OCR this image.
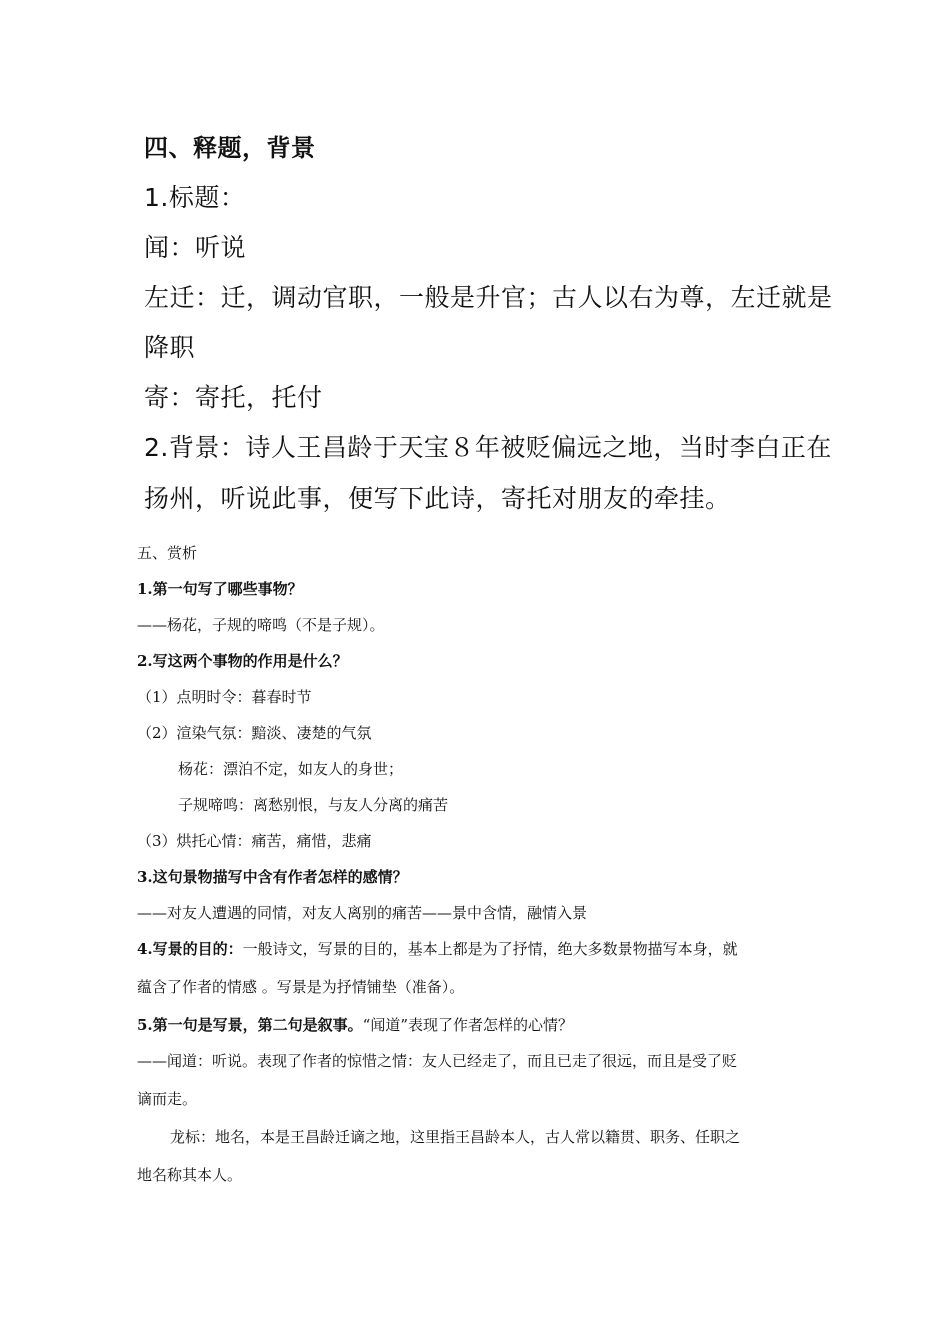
四、释题，背景

1.标题：

闻：听说

左迁：迁，调动官职，一般是升官；古人以右为尊，左迁就是

降职

寄：寄托，托付

2.背景：诗人王昌龄于天宝８年被贬偏远之地，当时李白正在

扬州，听说此事，便写下此诗，寄托对朋友的牵挂。

五、赏析

1.第一句写了哪些事物？

——杨花，子规的啼鸣（不是子规）。

2.写这两个事物的作用是什么？

（1）点明时令：暮春时节

（2）渲染气氛：黯淡、凄楚的气氛

杨花：漂泊不定，如友人的身世；

子规啼鸣：离愁别恨，与友人分离的痛苦

（3）烘托心情：痛苦，痛惜，悲痛

3.这句景物描写中含有作者怎样的感情？

——对友人遭遇的同情，对友人离别的痛苦——景中含情，融情入景

4.写景的目的：一般诗文，写景的目的，基本上都是为了抒情，绝大多数景物描写本身，就

蕴含了作者的情感 。写景是为抒情铺垫（准备）。

5.第一句是写景，第二句是叙事。“闻道”表现了作者怎样的心情？

——闻道：听说。表现了作者的惊惜之情：友人已经走了，而且已走了很远，而且是受了贬

谪而走。

龙标：地名，本是王昌龄迁谪之地，这里指王昌龄本人，古人常以籍贯、职务、任职之

地名称其本人。
